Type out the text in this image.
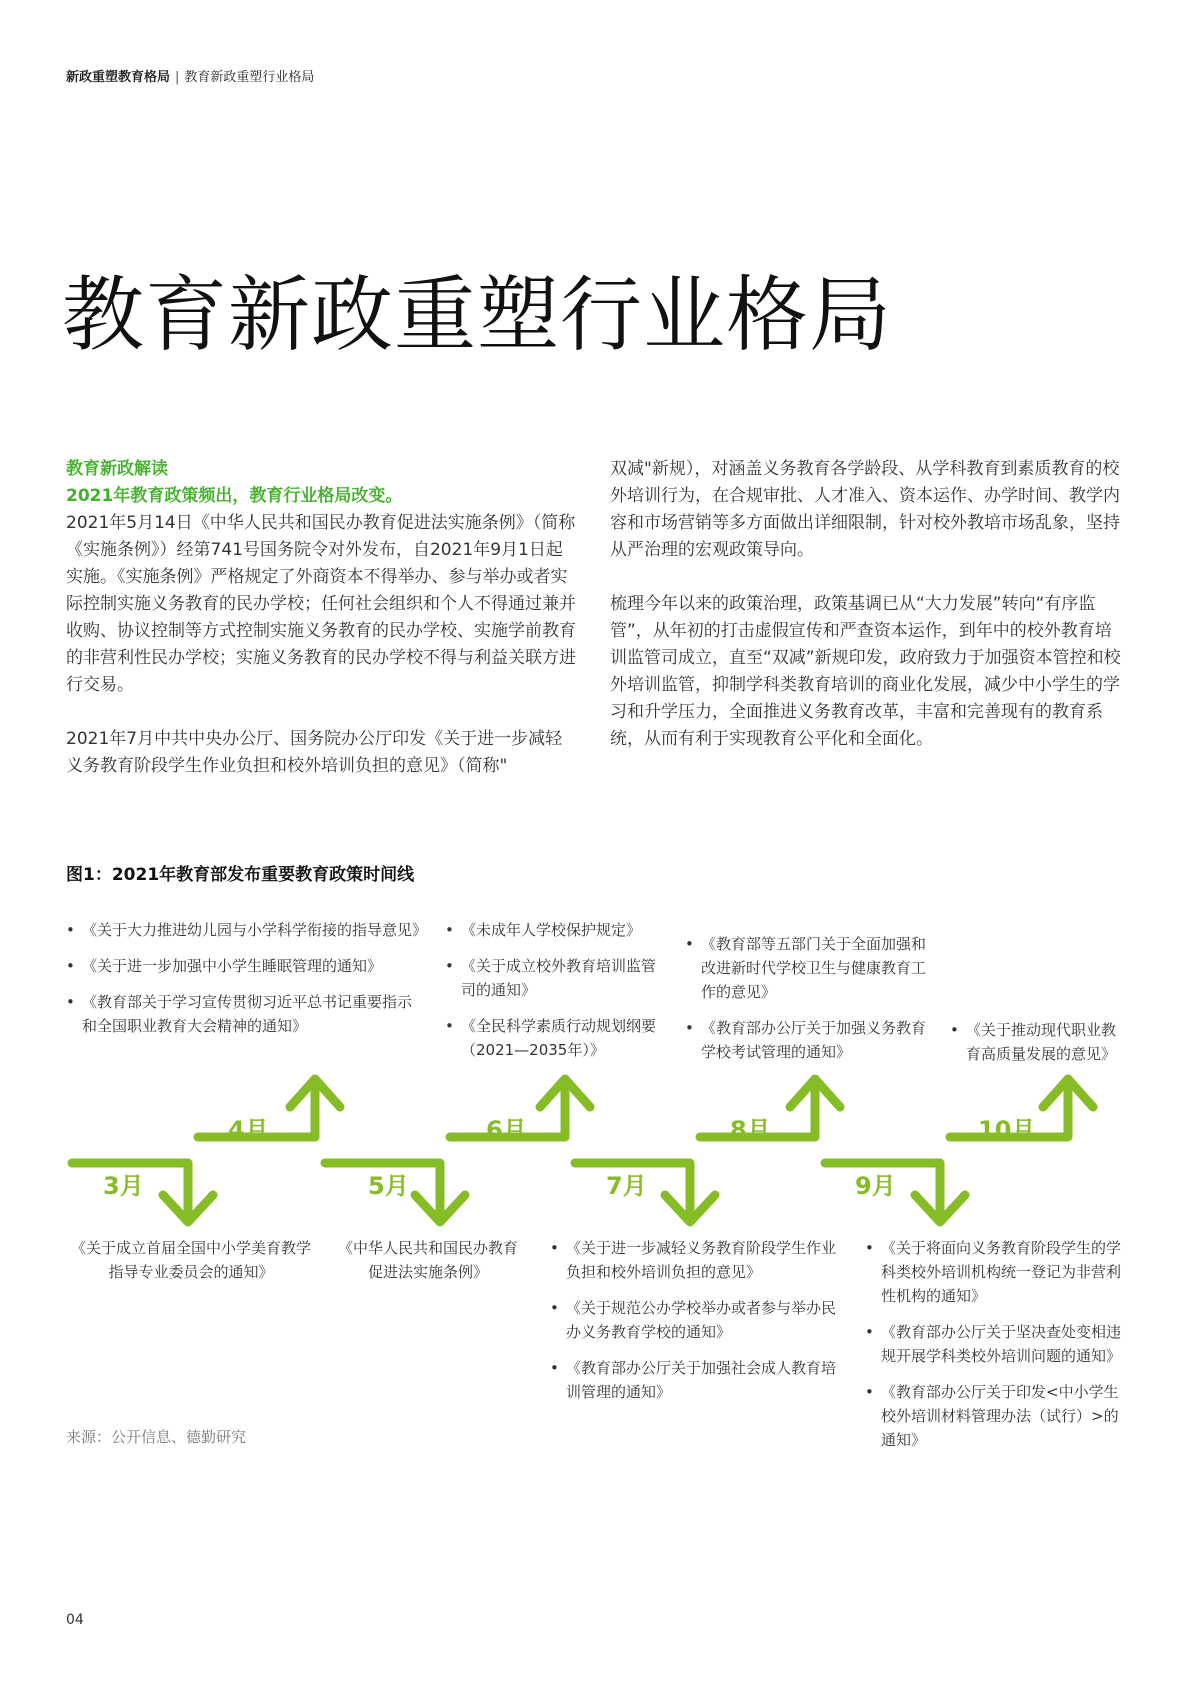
新政重塑教育格局 | 教育新政重塑行业格局
教育新政重塑行业格局
教育新政解读
2021年教育政策频出，教育行业格局改变。

2021年5月14日《中华人民共和国民办教育促进法实施条例》（简称《实施条例》）经第741号国务院令对外发布，自2021年9月1日起实施。《实施条例》严格规定了外商资本不得举办、参与举办或者实际控制实施义务教育的民办学校；任何社会组织和个人不得通过兼并收购、协议控制等方式控制实施义务教育的民办学校、实施学前教育的非营利性民办学校；实施义务教育的民办学校不得与利益关联方进行交易。

2021年7月中共中央办公厅、国务院办公厅印发《关于进一步减轻义务教育阶段学生作业负担和校外培训负担的意见》（简称"

双减"新规），对涵盖义务教育各学龄段、从学科教育到素质教育的校外培训行为，在合规审批、人才准入、资本运作、办学时间、教学内容和市场营销等多方面做出详细限制，针对校外教培市场乱象，坚持从严治理的宏观政策导向。

梳理今年以来的政策治理，政策基调已从“大力发展”转向“有序监管”，从年初的打击虚假宣传和严查资本运作，到年中的校外教育培训监管司成立，直至“双减”新规印发，政府致力于加强资本管控和校外培训监管，抑制学科类教育培训的商业化发展，减少中小学生的学习和升学压力，全面推进义务教育改革，丰富和完善现有的教育系统，从而有利于实现教育公平化和全面化。

图1：2021年教育部发布重要教育政策时间线
• 《关于大力推进幼儿园与小学科学衔接的指导意见》
• 《关于进一步加强中小学生睡眠管理的通知》
• 《教育部关于学习宣传贯彻习近平总书记重要指示和全国职业教育大会精神的通知》
• 《未成年人学校保护规定》
• 《关于成立校外教育培训监管司的通知》
• 《全民科学素质行动规划纲要（2021—2035年）》
• 《教育部等五部门关于全面加强和改进新时代学校卫生与健康教育工作的意见》
• 《教育部办公厅关于加强义务教育学校考试管理的通知》
• 《关于推动现代职业教育高质量发展的意见》
3月
4月
5月
6月
7月
8月
9月
10月
《关于成立首届全国中小学美育教学指导专业委员会的通知》
《中华人民共和国民办教育促进法实施条例》
• 《关于进一步减轻义务教育阶段学生作业负担和校外培训负担的意见》
• 《关于规范公办学校举办或者参与举办民办义务教育学校的通知》
• 《教育部办公厅关于加强社会成人教育培训管理的通知》
• 《关于将面向义务教育阶段学生的学科类校外培训机构统一登记为非营利性机构的通知》
• 《教育部办公厅关于坚决查处变相违规开展学科类校外培训问题的通知》
• 《教育部办公厅关于印发<中小学生校外培训材料管理办法（试行）>的通知》
来源：公开信息、德勤研究
04
